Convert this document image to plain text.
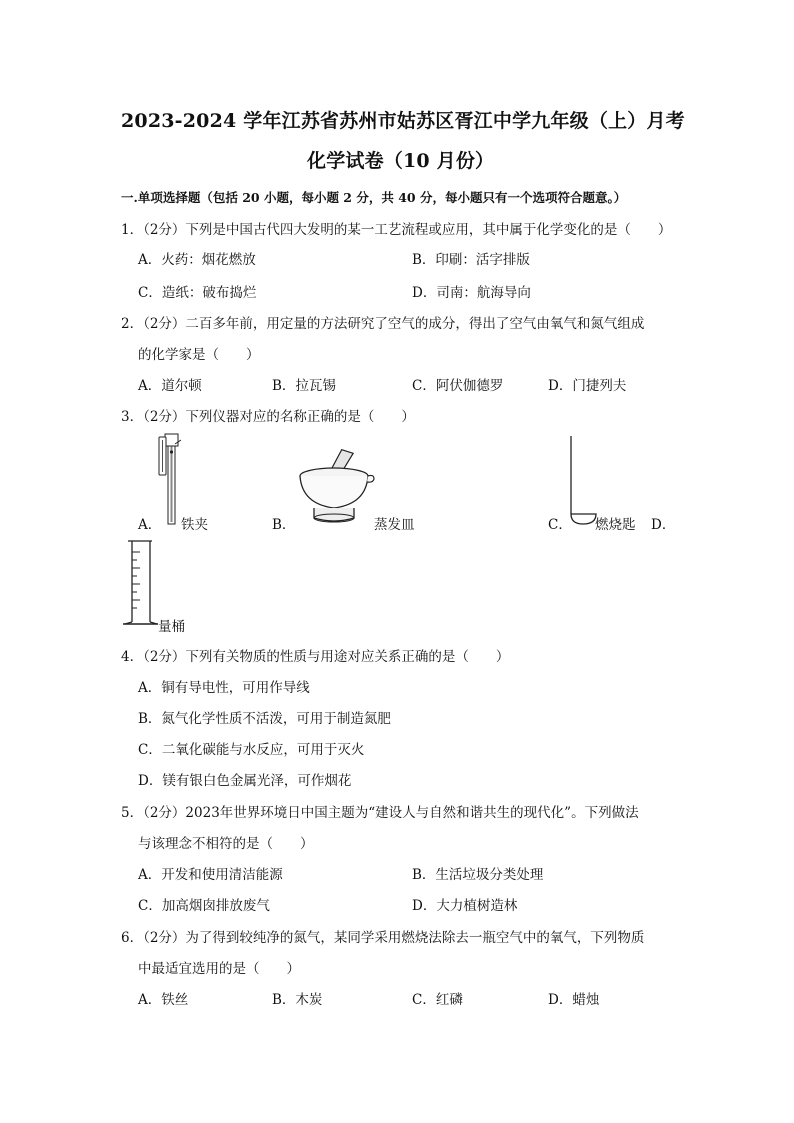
2023-2024 学年江苏省苏州市姑苏区胥江中学九年级（上）月考
化学试卷（10 月份）
一.单项选择题（包括 20 小题，每小题 2 分，共 40 分，每小题只有一个选项符合题意。）
1．（2分）下列是中国古代四大发明的某一工艺流程或应用，其中属于化学变化的是（　　）
A．火药：烟花燃放	B．印刷：活字排版
C．造纸：破布捣烂	D．司南：航海导向
2．（2分）二百多年前，用定量的方法研究了空气的成分，得出了空气由氧气和氮气组成
的化学家是（　　）
A．道尔顿	B．拉瓦锡	C．阿伏伽德罗	D．门捷列夫
3．（2分）下列仪器对应的名称正确的是（　　）
A． 铁夹	B．	蒸发皿	C． 燃烧匙 D．
量桶
4．（2分）下列有关物质的性质与用途对应关系正确的是（　　）
A．铜有导电性，可用作导线
B．氮气化学性质不活泼，可用于制造氮肥
C．二氧化碳能与水反应，可用于灭火
D．镁有银白色金属光泽，可作烟花
5．（2分）2023年世界环境日中国主题为“建设人与自然和谐共生的现代化”。下列做法
与该理念不相符的是（　　）
A．开发和使用清洁能源	B．生活垃圾分类处理
C．加高烟囱排放废气	D．大力植树造林
6．（2分）为了得到较纯净的氮气，某同学采用燃烧法除去一瓶空气中的氧气，下列物质
中最适宜选用的是（　　）
A．铁丝	B．木炭	C．红磷	D．蜡烛
